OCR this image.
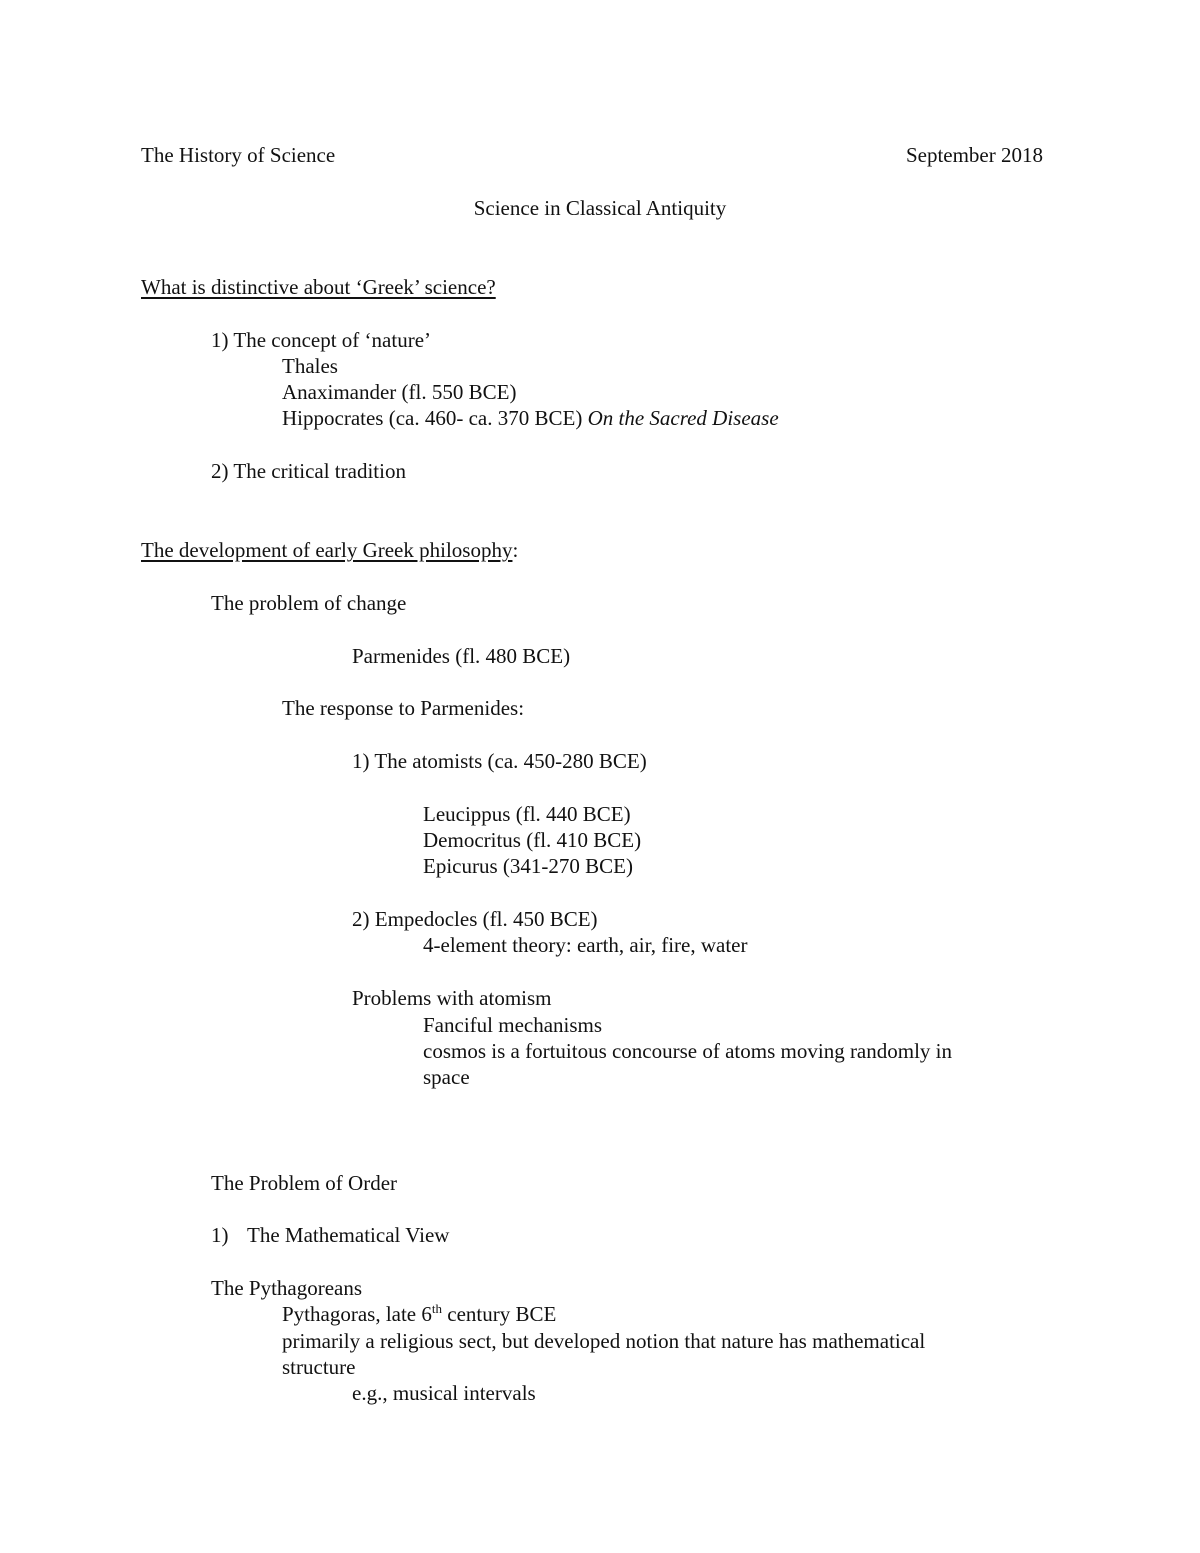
The History of Science	September 2018
Science in Classical Antiquity
What is distinctive about ‘Greek’ science?
1) The concept of ‘nature’
Thales
Anaximander (fl. 550 BCE)
Hippocrates (ca. 460- ca. 370 BCE) On the Sacred Disease
2) The critical tradition
The development of early Greek philosophy:
The problem of change
Parmenides (fl. 480 BCE)
The response to Parmenides:
1) The atomists (ca. 450-280 BCE)
Leucippus (fl. 440 BCE)
Democritus (fl. 410 BCE)
Epicurus (341-270 BCE)
2) Empedocles (fl. 450 BCE)
4-element theory: earth, air, fire, water
Problems with atomism
Fanciful mechanisms
cosmos is a fortuitous concourse of atoms moving randomly in
space
The Problem of Order
1) The Mathematical View
The Pythagoreans
Pythagoras, late 6th century BCE
primarily a religious sect, but developed notion that nature has mathematical
structure
e.g., musical intervals
